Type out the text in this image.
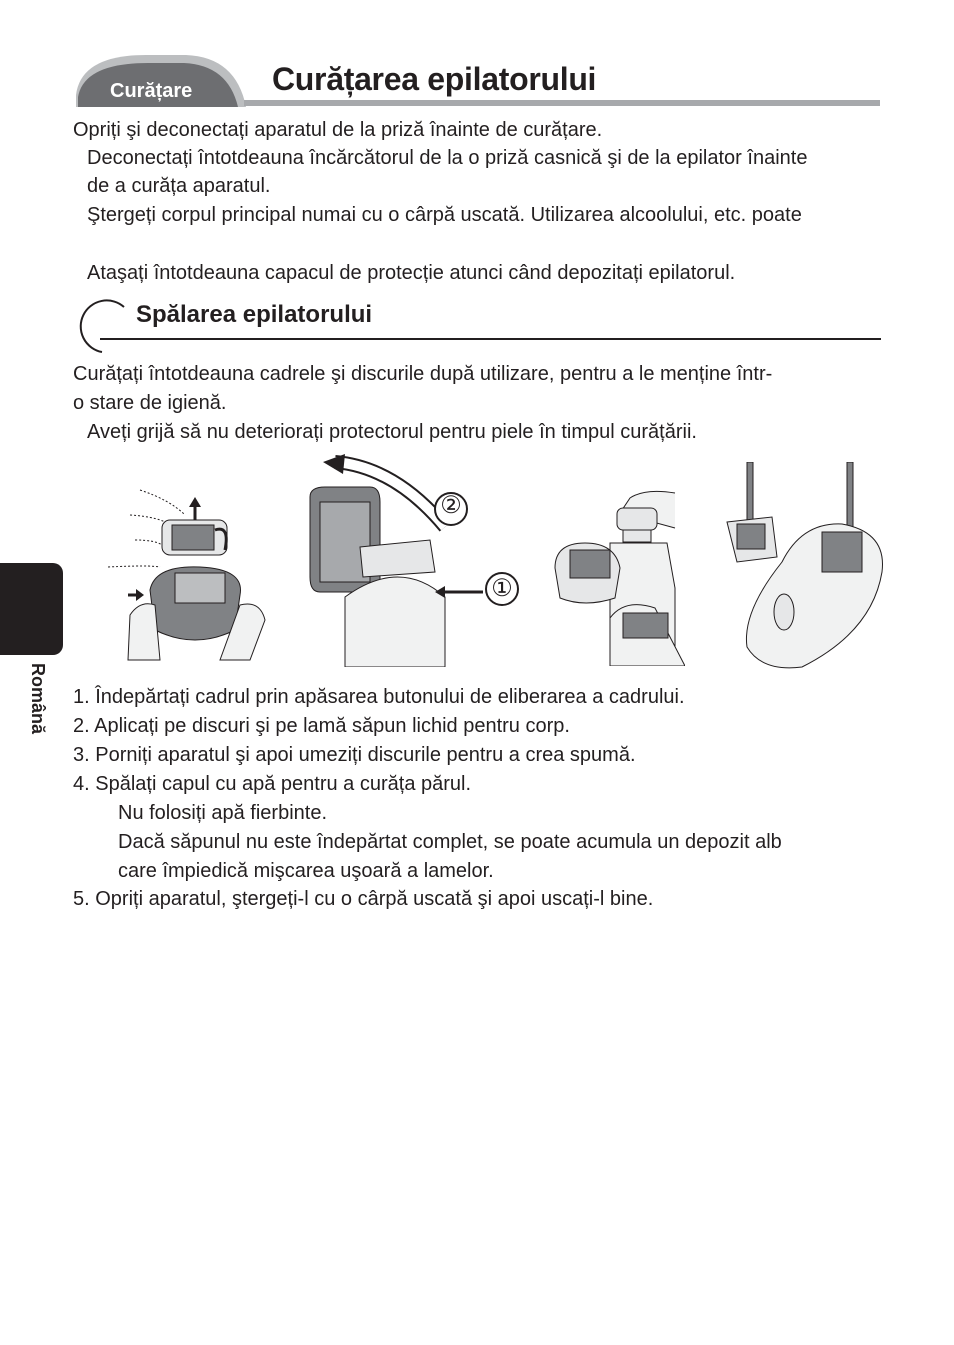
Curățare Curățarea epilatorului
Opriți şi deconectați aparatul de la priză înainte de curățare.
Deconectați întotdeauna încărcătorul de la o priză casnică şi de la epilator înainte
de a curăța aparatul.
Ştergeți corpul principal numai cu o cârpă uscată. Utilizarea alcoolului, etc. poate
Ataşați întotdeauna capacul de protecție atunci când depozitați epilatorul.
Spălarea epilatorului
Curățați întotdeauna cadrele şi discurile după utilizare, pentru a le menține într-
o stare de igienă.
Aveți grijă să nu deteriorați protectorul pentru piele în timpul curățării.
Română
②
①
1. Îndepărtați cadrul prin apăsarea butonului de eliberarea a cadrului.
2. Aplicați pe discuri şi pe lamă săpun lichid pentru corp.
3. Porniți aparatul şi apoi umeziți discurile pentru a crea spumă.
4. Spălați capul cu apă pentru a curăța părul.
Nu folosiți apă fierbinte.
Dacă săpunul nu este îndepărtat complet, se poate acumula un depozit alb
care împiedică mişcarea uşoară a lamelor.
5. Opriți aparatul, ştergeți-l cu o cârpă uscată şi apoi uscați-l bine.
